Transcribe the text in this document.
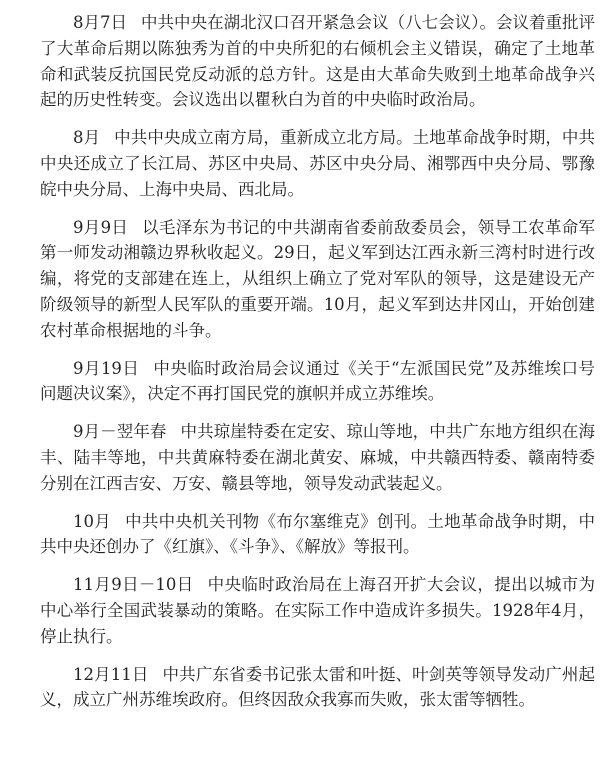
8月7日 中共中央在湖北汉口召开紧急会议（八七会议）。会议着重批评了大革命后期以陈独秀为首的中央所犯的右倾机会主义错误，确定了土地革命和武装反抗国民党反动派的总方针。这是由大革命失败到土地革命战争兴起的历史性转变。会议选出以瞿秋白为首的中央临时政治局。

8月 中共中央成立南方局，重新成立北方局。土地革命战争时期，中共中央还成立了长江局、苏区中央局、苏区中央分局、湘鄂西中央分局、鄂豫皖中央分局、上海中央局、西北局。

9月9日 以毛泽东为书记的中共湖南省委前敌委员会，领导工农革命军第一师发动湘赣边界秋收起义。29日，起义军到达江西永新三湾村时进行改编，将党的支部建在连上，从组织上确立了党对军队的领导，这是建设无产阶级领导的新型人民军队的重要开端。10月，起义军到达井冈山，开始创建农村革命根据地的斗争。

9月19日 中央临时政治局会议通过《关于“左派国民党”及苏维埃口号问题决议案》，决定不再打国民党的旗帜并成立苏维埃。

9月－翌年春 中共琼崖特委在定安、琼山等地，中共广东地方组织在海丰、陆丰等地，中共黄麻特委在湖北黄安、麻城，中共赣西特委、赣南特委分别在江西吉安、万安、赣县等地，领导发动武装起义。

10月 中共中央机关刊物《布尔塞维克》创刊。土地革命战争时期，中共中央还创办了《红旗》、《斗争》、《解放》等报刊。

11月9日－10日 中央临时政治局在上海召开扩大会议，提出以城市为中心举行全国武装暴动的策略。在实际工作中造成许多损失。1928年4月，停止执行。

12月11日 中共广东省委书记张太雷和叶挺、叶剑英等领导发动广州起义，成立广州苏维埃政府。但终因敌众我寡而失败，张太雷等牺牲。
